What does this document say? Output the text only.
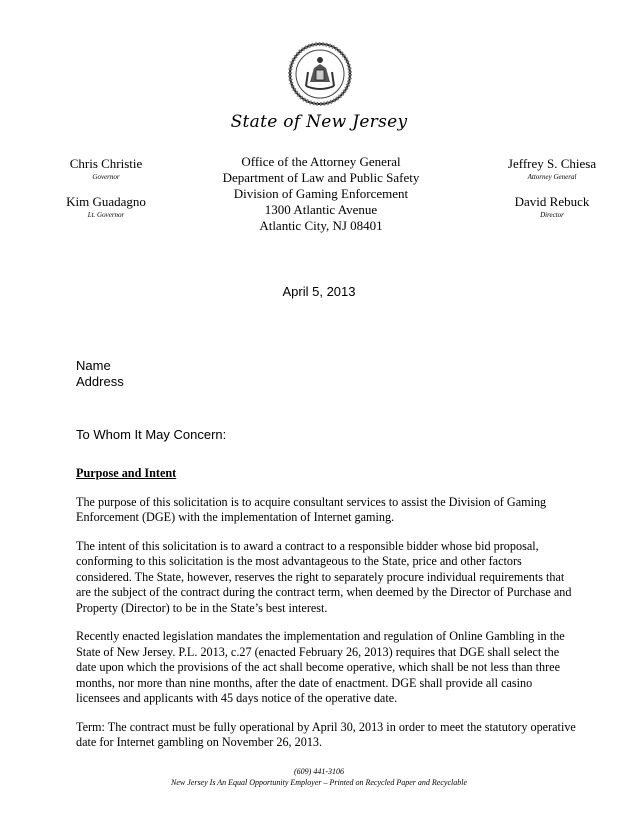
State of New Jersey
Chris Christie
Governor
Kim Guadagno
Lt. Governor
Office of the Attorney General
Department of Law and Public Safety
Division of Gaming Enforcement
1300 Atlantic Avenue
Atlantic City, NJ 08401
Jeffrey S. Chiesa
Attorney General
David Rebuck
Director
April 5, 2013
Name
Address
To Whom It May Concern:
Purpose and Intent
The purpose of this solicitation is to acquire consultant services to assist the Division of Gaming Enforcement (DGE) with the implementation of Internet gaming.
The intent of this solicitation is to award a contract to a responsible bidder whose bid proposal, conforming to this solicitation is the most advantageous to the State, price and other factors considered. The State, however, reserves the right to separately procure individual requirements that are the subject of the contract during the contract term, when deemed by the Director of Purchase and Property (Director) to be in the State’s best interest.
Recently enacted legislation mandates the implementation and regulation of Online Gambling in the State of New Jersey. P.L. 2013, c.27 (enacted February 26, 2013) requires that DGE shall select the date upon which the provisions of the act shall become operative, which shall be not less than three months, nor more than nine months, after the date of enactment. DGE shall provide all casino licensees and applicants with 45 days notice of the operative date.
Term: The contract must be fully operational by April 30, 2013 in order to meet the statutory operative date for Internet gambling on November 26, 2013.
(609) 441-3106
New Jersey Is An Equal Opportunity Employer – Printed on Recycled Paper and Recyclable
